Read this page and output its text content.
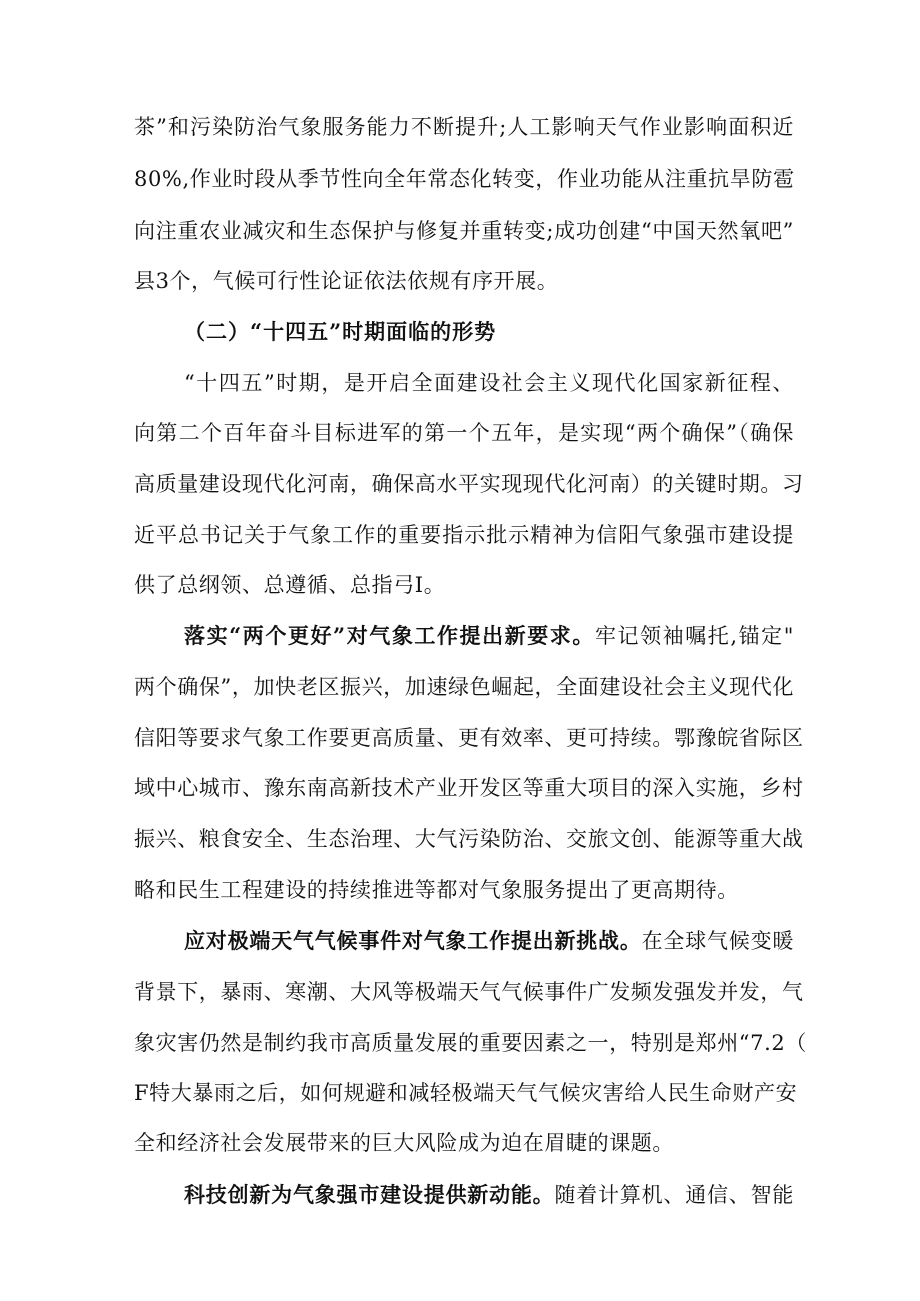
茶”和污染防治气象服务能力不断提升;人工影响天气作业影响面积近
80%,作业时段从季节性向全年常态化转变，作业功能从注重抗旱防雹
向注重农业减灾和生态保护与修复并重转变;成功创建“中国天然氧吧”
县3个，气候可行性论证依法依规有序开展。
（二）“十四五”时期面临的形势
“十四五”时期，是开启全面建设社会主义现代化国家新征程、
向第二个百年奋斗目标进军的第一个五年，是实现“两个确保”（确保
高质量建设现代化河南，确保高水平实现现代化河南）的关键时期。习
近平总书记关于气象工作的重要指示批示精神为信阳气象强市建设提
供了总纲领、总遵循、总指弓I。
落实“两个更好”对气象工作提出新要求。牢记领袖嘱托,锚定"
两个确保”，加快老区振兴，加速绿色崛起，全面建设社会主义现代化
信阳等要求气象工作要更高质量、更有效率、更可持续。鄂豫皖省际区
域中心城市、豫东南高新技术产业开发区等重大项目的深入实施，乡村
振兴、粮食安全、生态治理、大气污染防治、交旅文创、能源等重大战
略和民生工程建设的持续推进等都对气象服务提出了更高期待。
应对极端天气气候事件对气象工作提出新挑战。在全球气候变暖
背景下，暴雨、寒潮、大风等极端天气气候事件广发频发强发并发，气
象灾害仍然是制约我市高质量发展的重要因素之一，特别是郑州“7.2（
F特大暴雨之后，如何规避和减轻极端天气气候灾害给人民生命财产安
全和经济社会发展带来的巨大风险成为迫在眉睫的课题。
科技创新为气象强市建设提供新动能。随着计算机、通信、智能
